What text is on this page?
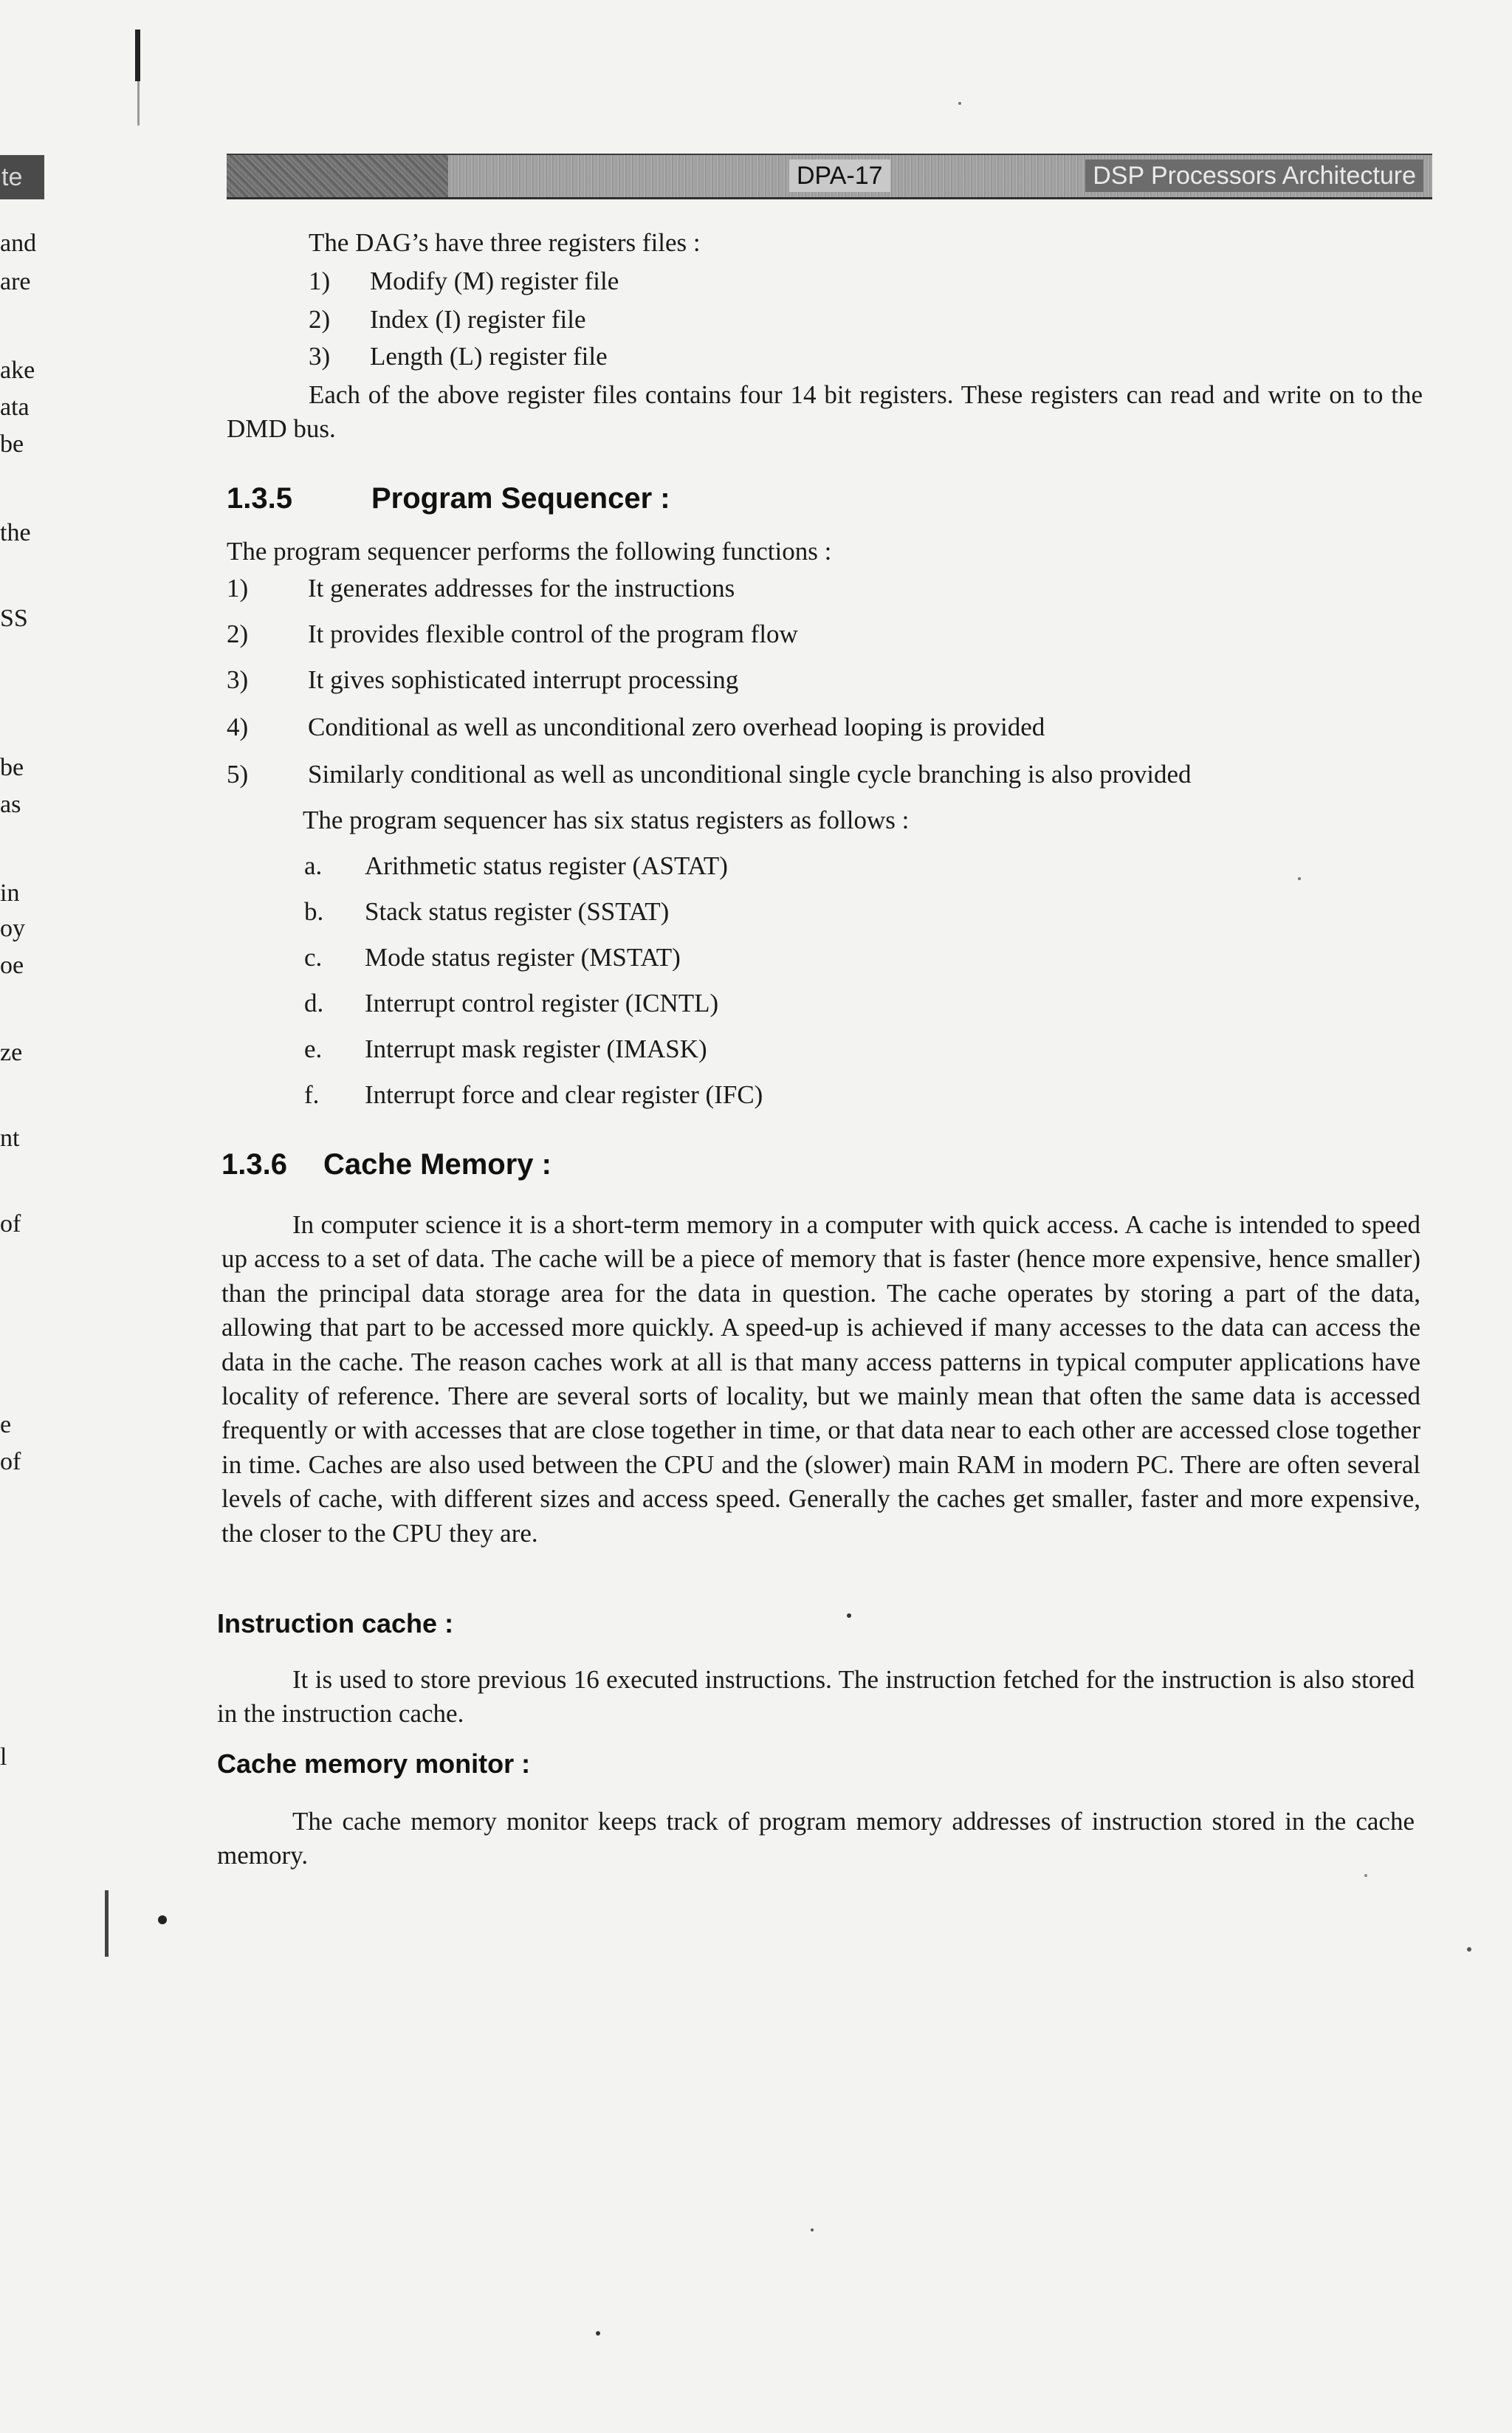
te
and
are
ake
ata
be
the
SS
be
as
in
oy
oe
ze
nt
of
e
of
l
DPA-17	DSP Processors Architecture
The DAG’s have three registers files :
1) Modify (M) register file
2) Index (I) register file
3) Length (L) register file
Each of the above register files contains four 14 bit registers. These registers can read and write on to the DMD bus.
1.3.5	Program Sequencer :
The program sequencer performs the following functions :
1) It generates addresses for the instructions
2) It provides flexible control of the program flow
3) It gives sophisticated interrupt processing
4) Conditional as well as unconditional zero overhead looping is provided
5) Similarly conditional as well as unconditional single cycle branching is also provided
The program sequencer has six status registers as follows :
a. Arithmetic status register (ASTAT)
b. Stack status register (SSTAT)
c. Mode status register (MSTAT)
d. Interrupt control register (ICNTL)
e. Interrupt mask register (IMASK)
f. Interrupt force and clear register (IFC)
1.3.6 Cache Memory :
In computer science it is a short-term memory in a computer with quick access. A cache is intended to speed up access to a set of data. The cache will be a piece of memory that is faster (hence more expensive, hence smaller) than the principal data storage area for the data in question. The cache operates by storing a part of the data, allowing that part to be accessed more quickly. A speed-up is achieved if many accesses to the data can access the data in the cache. The reason caches work at all is that many access patterns in typical computer applications have locality of reference. There are several sorts of locality, but we mainly mean that often the same data is accessed frequently or with accesses that are close together in time, or that data near to each other are accessed close together in time. Caches are also used between the CPU and the (slower) main RAM in modern PC. There are often several levels of cache, with different sizes and access speed. Generally the caches get smaller, faster and more expensive, the closer to the CPU they are.
Instruction cache :
It is used to store previous 16 executed instructions. The instruction fetched for the instruction is also stored in the instruction cache.
Cache memory monitor :
The cache memory monitor keeps track of program memory addresses of instruction stored in the cache memory.
